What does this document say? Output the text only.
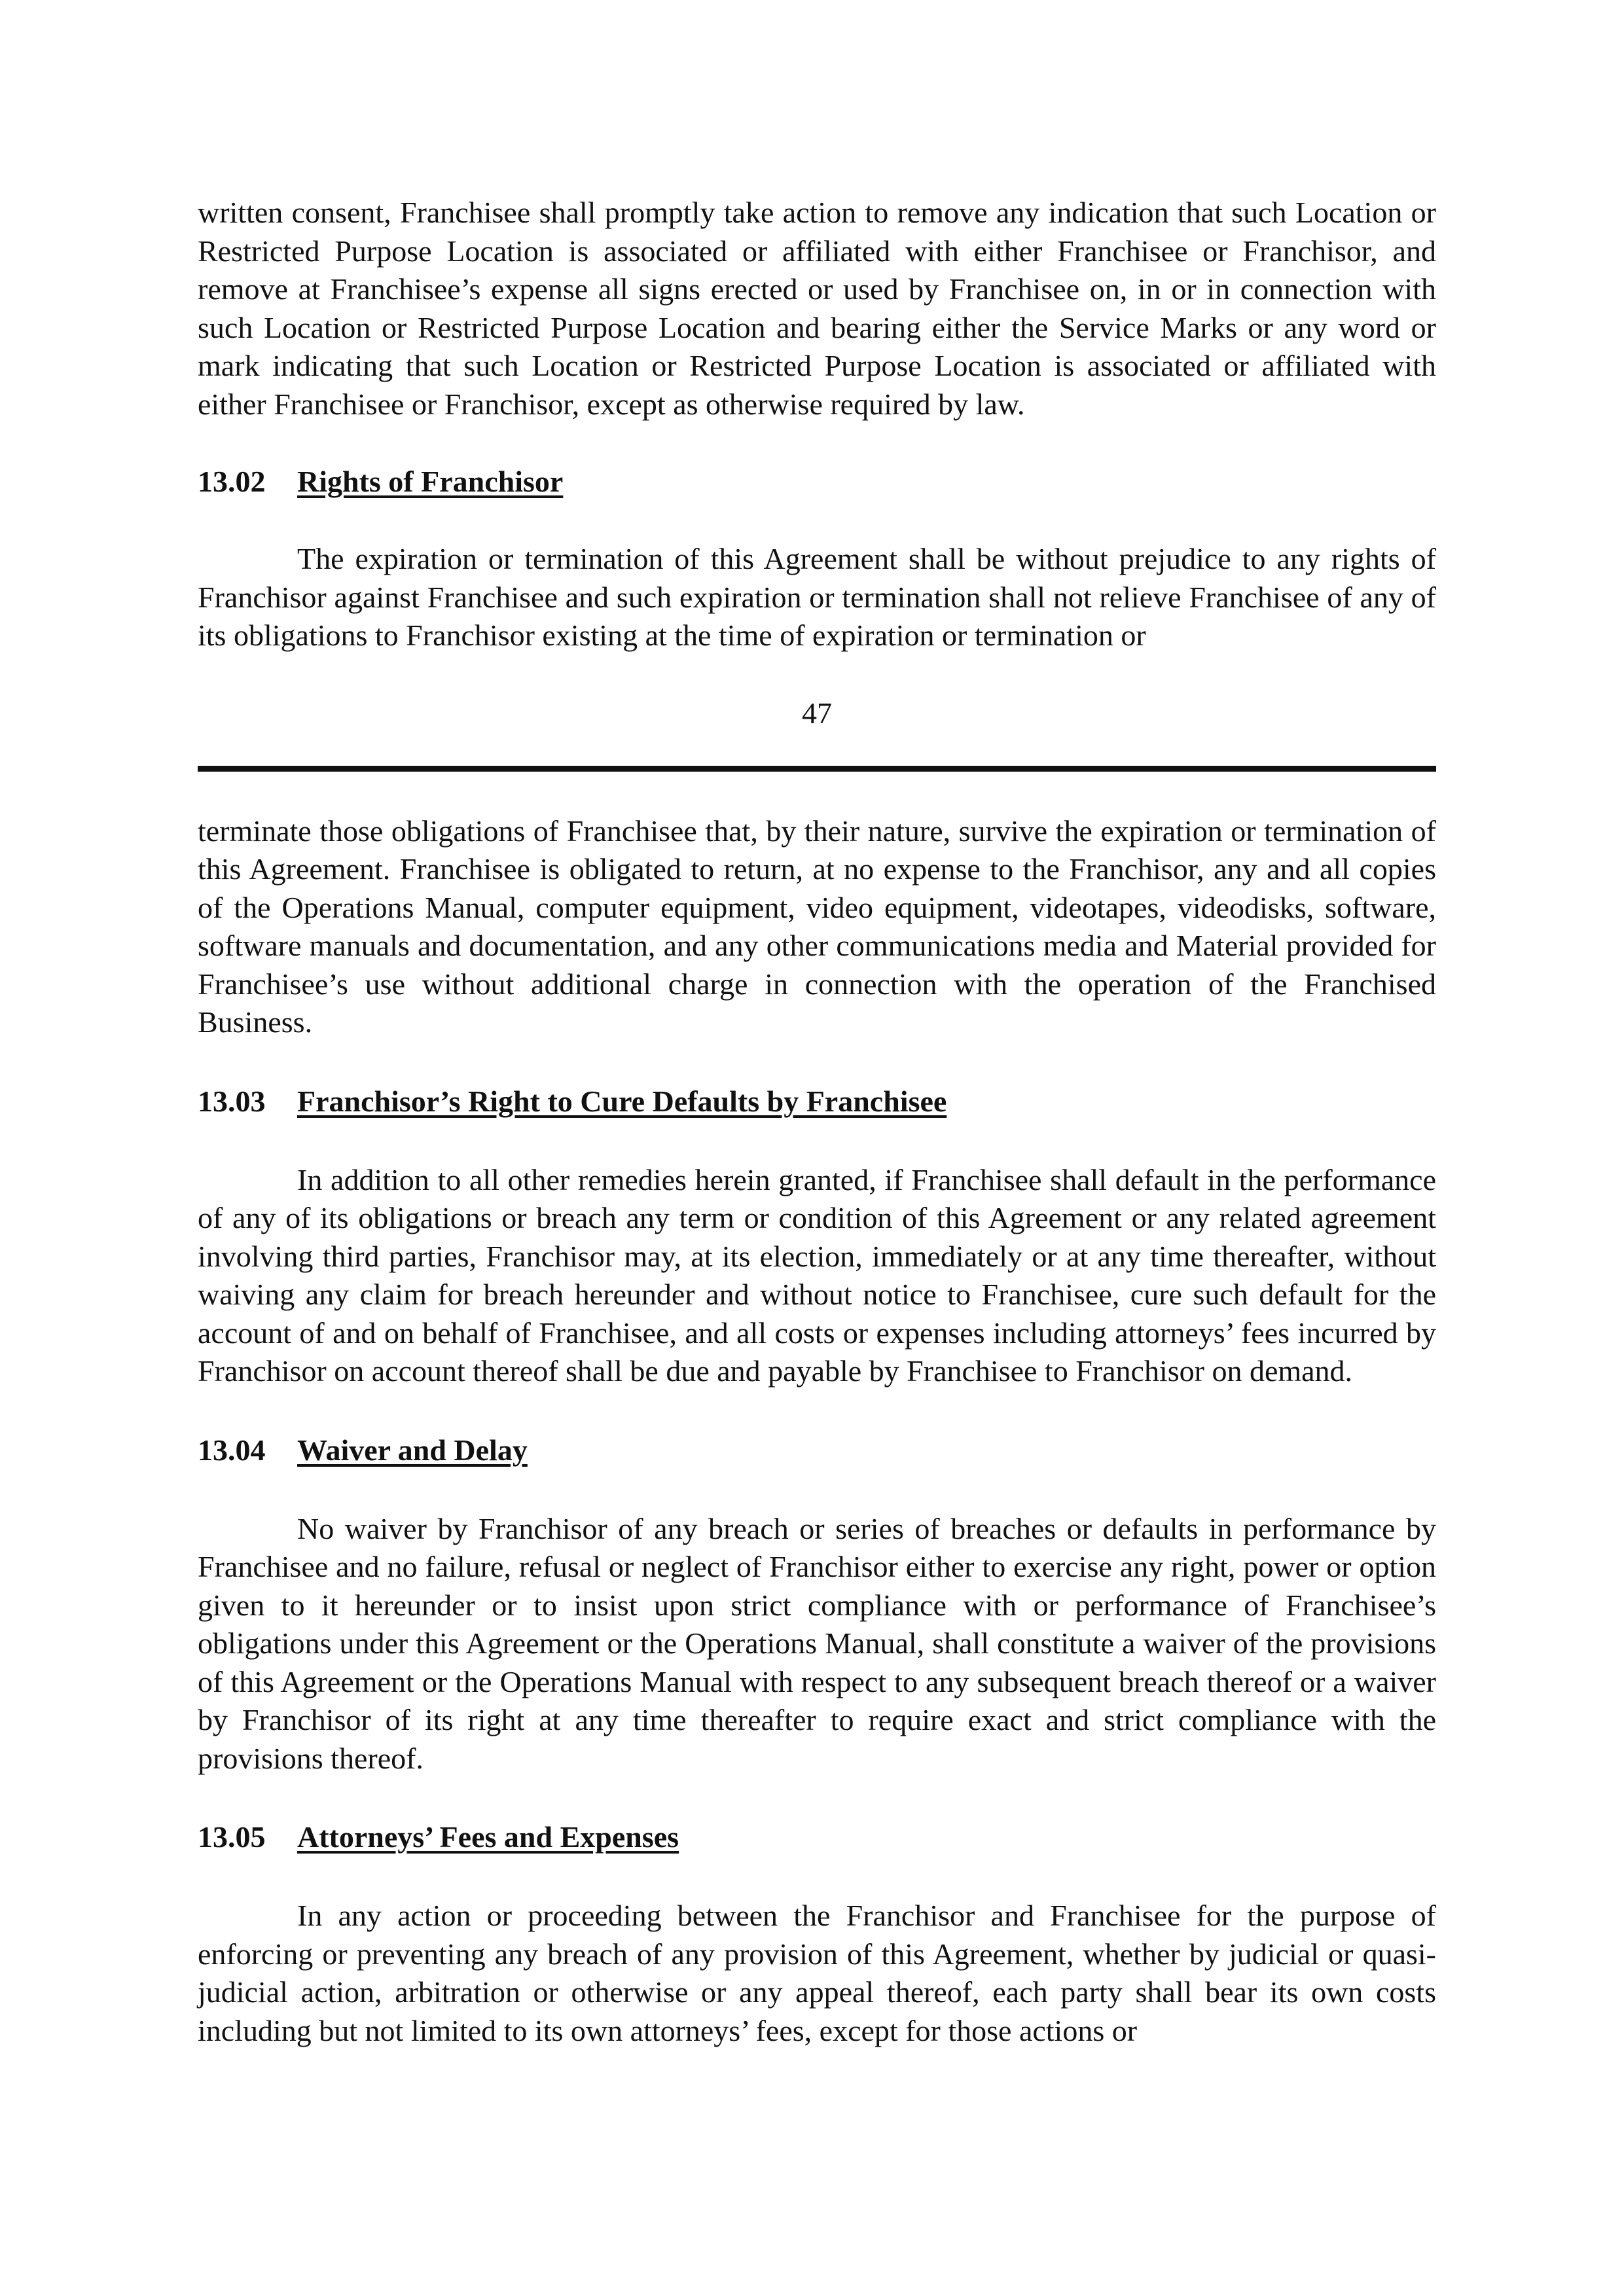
written consent, Franchisee shall promptly take action to remove any indication that such Location or Restricted Purpose Location is associated or affiliated with either Franchisee or Franchisor, and remove at Franchisee’s expense all signs erected or used by Franchisee on, in or in connection with such Location or Restricted Purpose Location and bearing either the Service Marks or any word or mark indicating that such Location or Restricted Purpose Location is associated or affiliated with either Franchisee or Franchisor, except as otherwise required by law.

13.02 Rights of Franchisor

The expiration or termination of this Agreement shall be without prejudice to any rights of Franchisor against Franchisee and such expiration or termination shall not relieve Franchisee of any of its obligations to Franchisor existing at the time of expiration or termination or

47

terminate those obligations of Franchisee that, by their nature, survive the expiration or termination of this Agreement. Franchisee is obligated to return, at no expense to the Franchisor, any and all copies of the Operations Manual, computer equipment, video equipment, videotapes, videodisks, software, software manuals and documentation, and any other communications media and Material provided for Franchisee’s use without additional charge in connection with the operation of the Franchised Business.

13.03 Franchisor’s Right to Cure Defaults by Franchisee

In addition to all other remedies herein granted, if Franchisee shall default in the performance of any of its obligations or breach any term or condition of this Agreement or any related agreement involving third parties, Franchisor may, at its election, immediately or at any time thereafter, without waiving any claim for breach hereunder and without notice to Franchisee, cure such default for the account of and on behalf of Franchisee, and all costs or expenses including attorneys’ fees incurred by Franchisor on account thereof shall be due and payable by Franchisee to Franchisor on demand.

13.04 Waiver and Delay

No waiver by Franchisor of any breach or series of breaches or defaults in performance by Franchisee and no failure, refusal or neglect of Franchisor either to exercise any right, power or option given to it hereunder or to insist upon strict compliance with or performance of Franchisee’s obligations under this Agreement or the Operations Manual, shall constitute a waiver of the provisions of this Agreement or the Operations Manual with respect to any subsequent breach thereof or a waiver by Franchisor of its right at any time thereafter to require exact and strict compliance with the provisions thereof.

13.05 Attorneys’ Fees and Expenses

In any action or proceeding between the Franchisor and Franchisee for the purpose of enforcing or preventing any breach of any provision of this Agreement, whether by judicial or quasi-judicial action, arbitration or otherwise or any appeal thereof, each party shall bear its own costs including but not limited to its own attorneys’ fees, except for those actions or
